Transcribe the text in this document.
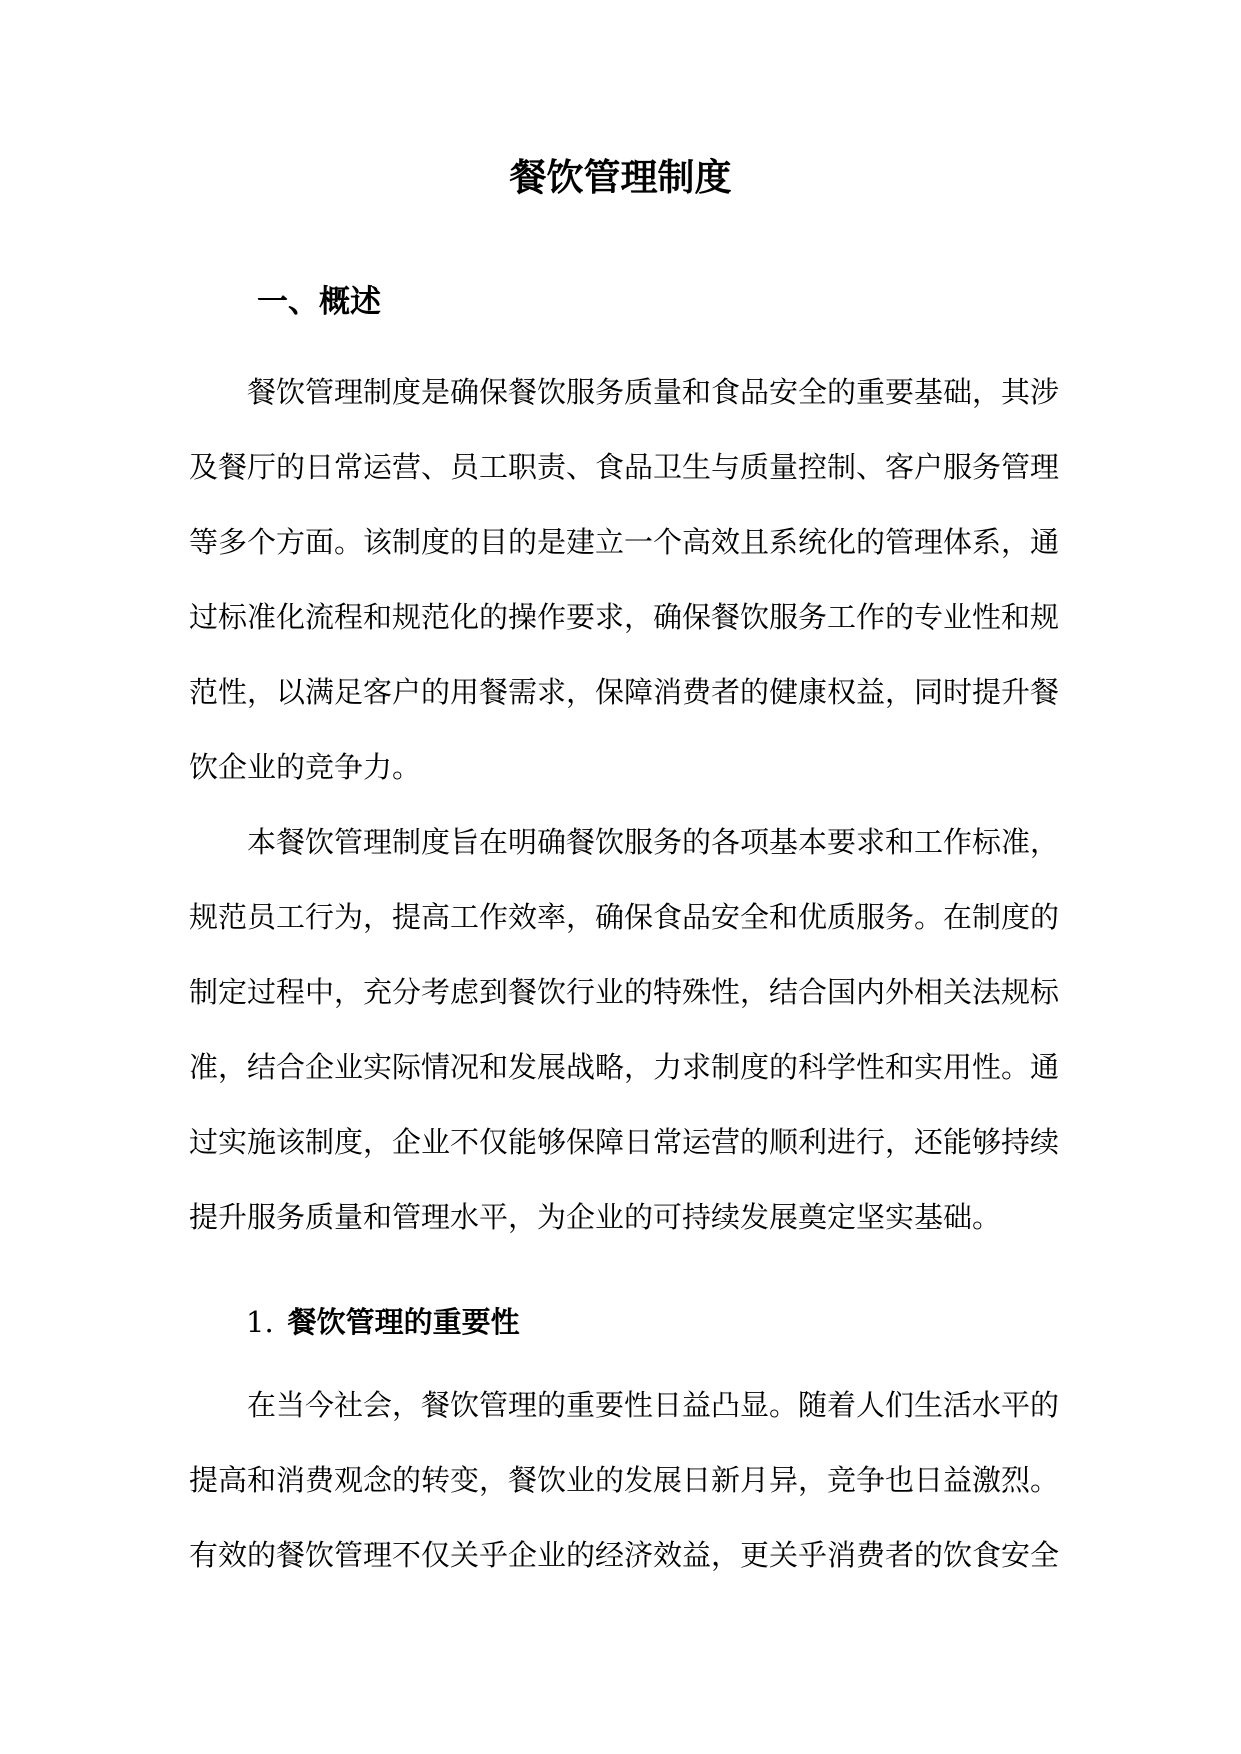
餐饮管理制度
一、概述

餐饮管理制度是确保餐饮服务质量和食品安全的重要基础，其涉及餐厅的日常运营、员工职责、食品卫生与质量控制、客户服务管理等多个方面。该制度的目的是建立一个高效且系统化的管理体系，通过标准化流程和规范化的操作要求，确保餐饮服务工作的专业性和规范性，以满足客户的用餐需求，保障消费者的健康权益，同时提升餐饮企业的竞争力。

本餐饮管理制度旨在明确餐饮服务的各项基本要求和工作标准，规范员工行为，提高工作效率，确保食品安全和优质服务。在制度的制定过程中，充分考虑到餐饮行业的特殊性，结合国内外相关法规标准，结合企业实际情况和发展战略，力求制度的科学性和实用性。通过实施该制度，企业不仅能够保障日常运营的顺利进行，还能够持续提升服务质量和管理水平，为企业的可持续发展奠定坚实基础。

1. 餐饮管理的重要性

在当今社会，餐饮管理的重要性日益凸显。随着人们生活水平的提高和消费观念的转变，餐饮业的发展日新月异，竞争也日益激烈。有效的餐饮管理不仅关乎企业的经济效益，更关乎消费者的饮食安全
